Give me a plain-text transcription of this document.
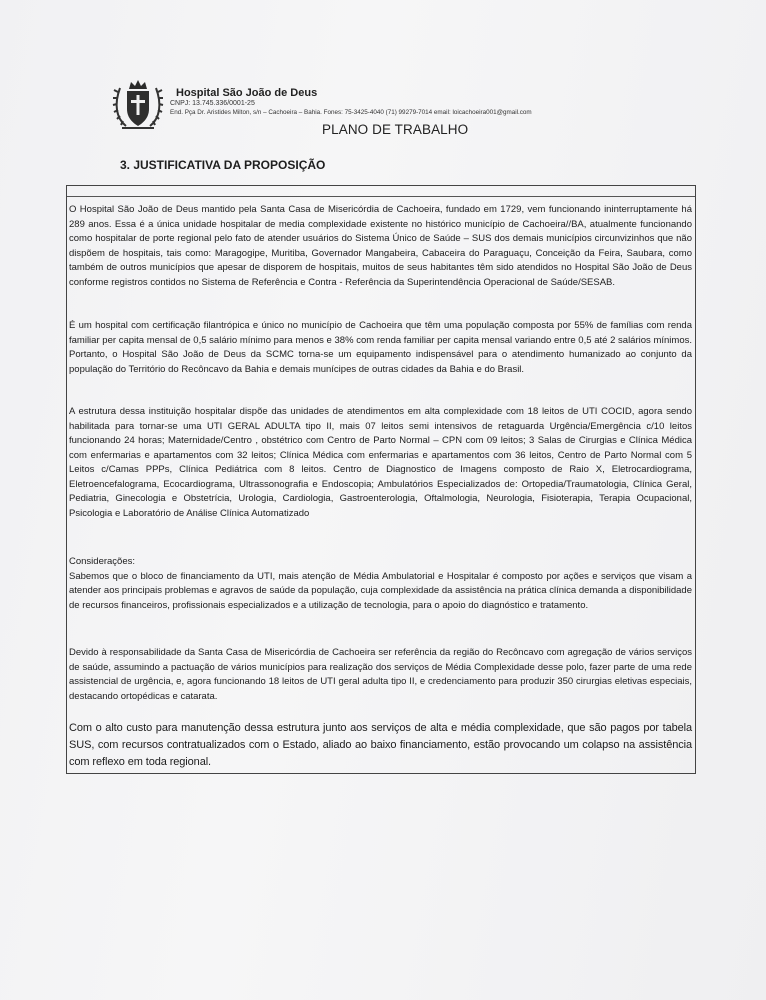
Hospital São João de Deus
CNPJ: 13.745.336/0001-25
End. Pça Dr. Aristides Milton, s/n – Cachoeira – Bahia. Fones: 75-3425-4040 (71) 99279-7014 email: loicachoeira001@gmail.com
PLANO DE TRABALHO
3. JUSTIFICATIVA DA PROPOSIÇÃO

O Hospital São João de Deus mantido pela Santa Casa de Misericórdia de Cachoeira, fundado em 1729, vem funcionando ininterruptamente há 289 anos. Essa é a única unidade hospitalar de media complexidade existente no histórico município de Cachoeira//BA, atualmente funcionando como hospitalar de porte regional pelo fato de atender usuários do Sistema Único de Saúde – SUS dos demais municípios circunvizinhos que não dispõem de hospitais, tais como: Maragogipe, Muritiba, Governador Mangabeira, Cabaceira do Paraguaçu, Conceição da Feira, Saubara, como também de outros municípios que apesar de disporem de hospitais, muitos de seus habitantes têm sido atendidos no Hospital São João de Deus conforme registros contidos no Sistema de Referência e Contra - Referência da Superintendência Operacional de Saúde/SESAB.

É um hospital com certificação filantrópica e único no município de Cachoeira que têm uma população composta por 55% de famílias com renda familiar per capita mensal de 0,5 salário mínimo para menos e 38% com renda familiar per capita mensal variando entre 0,5 até 2 salários mínimos. Portanto, o Hospital São João de Deus da SCMC torna-se um equipamento indispensável para o atendimento humanizado ao conjunto da população do Território do Recôncavo da Bahia e demais munícipes de outras cidades da Bahia e do Brasil.

A estrutura dessa instituição hospitalar dispõe das unidades de atendimentos em alta complexidade com 18 leitos de UTI COCID, agora sendo habilitada para tornar-se uma UTI GERAL ADULTA tipo II, mais 07 leitos semi intensivos de retaguarda Urgência/Emergência c/10 leitos funcionando 24 horas; Maternidade/Centro , obstétrico com Centro de Parto Normal – CPN com 09 leitos; 3 Salas de Cirurgias e Clínica Médica com enfermarias e apartamentos com 32 leitos; Clínica Médica com enfermarias e apartamentos com 36 leitos, Centro de Parto Normal com 5 Leitos c/Camas PPPs, Clínica Pediátrica com 8 leitos. Centro de Diagnostico de Imagens composto de Raio X, Eletrocardiograma, Eletroencefalograma, Ecocardiograma, Ultrassonografia e Endoscopia; Ambulatórios Especializados de: Ortopedia/Traumatologia, Clínica Geral, Pediatria, Ginecologia e Obstetrícia, Urologia, Cardiologia, Gastroenterologia, Oftalmologia, Neurologia, Fisioterapia, Terapia Ocupacional, Psicologia e Laboratório de Análise Clínica Automatizado

Considerações:
Sabemos que o bloco de financiamento da UTI, mais atenção de Média Ambulatorial e Hospitalar é composto por ações e serviços que visam a atender aos principais problemas e agravos de saúde da população, cuja complexidade da assistência na prática clínica demanda a disponibilidade de recursos financeiros, profissionais especializados e a utilização de tecnologia, para o apoio do diagnóstico e tratamento.

Devido à responsabilidade da Santa Casa de Misericórdia de Cachoeira ser referência da região do Recôncavo com agregação de vários serviços de saúde, assumindo a pactuação de vários municípios para realização dos serviços de Média Complexidade desse polo, fazer parte de uma rede assistencial de urgência, e, agora funcionando 18 leitos de UTI geral adulta tipo II, e credenciamento para produzir 350 cirurgias eletivas especiais, destacando ortopédicas e catarata.

Com o alto custo para manutenção dessa estrutura junto aos serviços de alta e média complexidade, que são pagos por tabela SUS, com recursos contratualizados com o Estado, aliado ao baixo financiamento, estão provocando um colapso na assistência com reflexo em toda regional.
